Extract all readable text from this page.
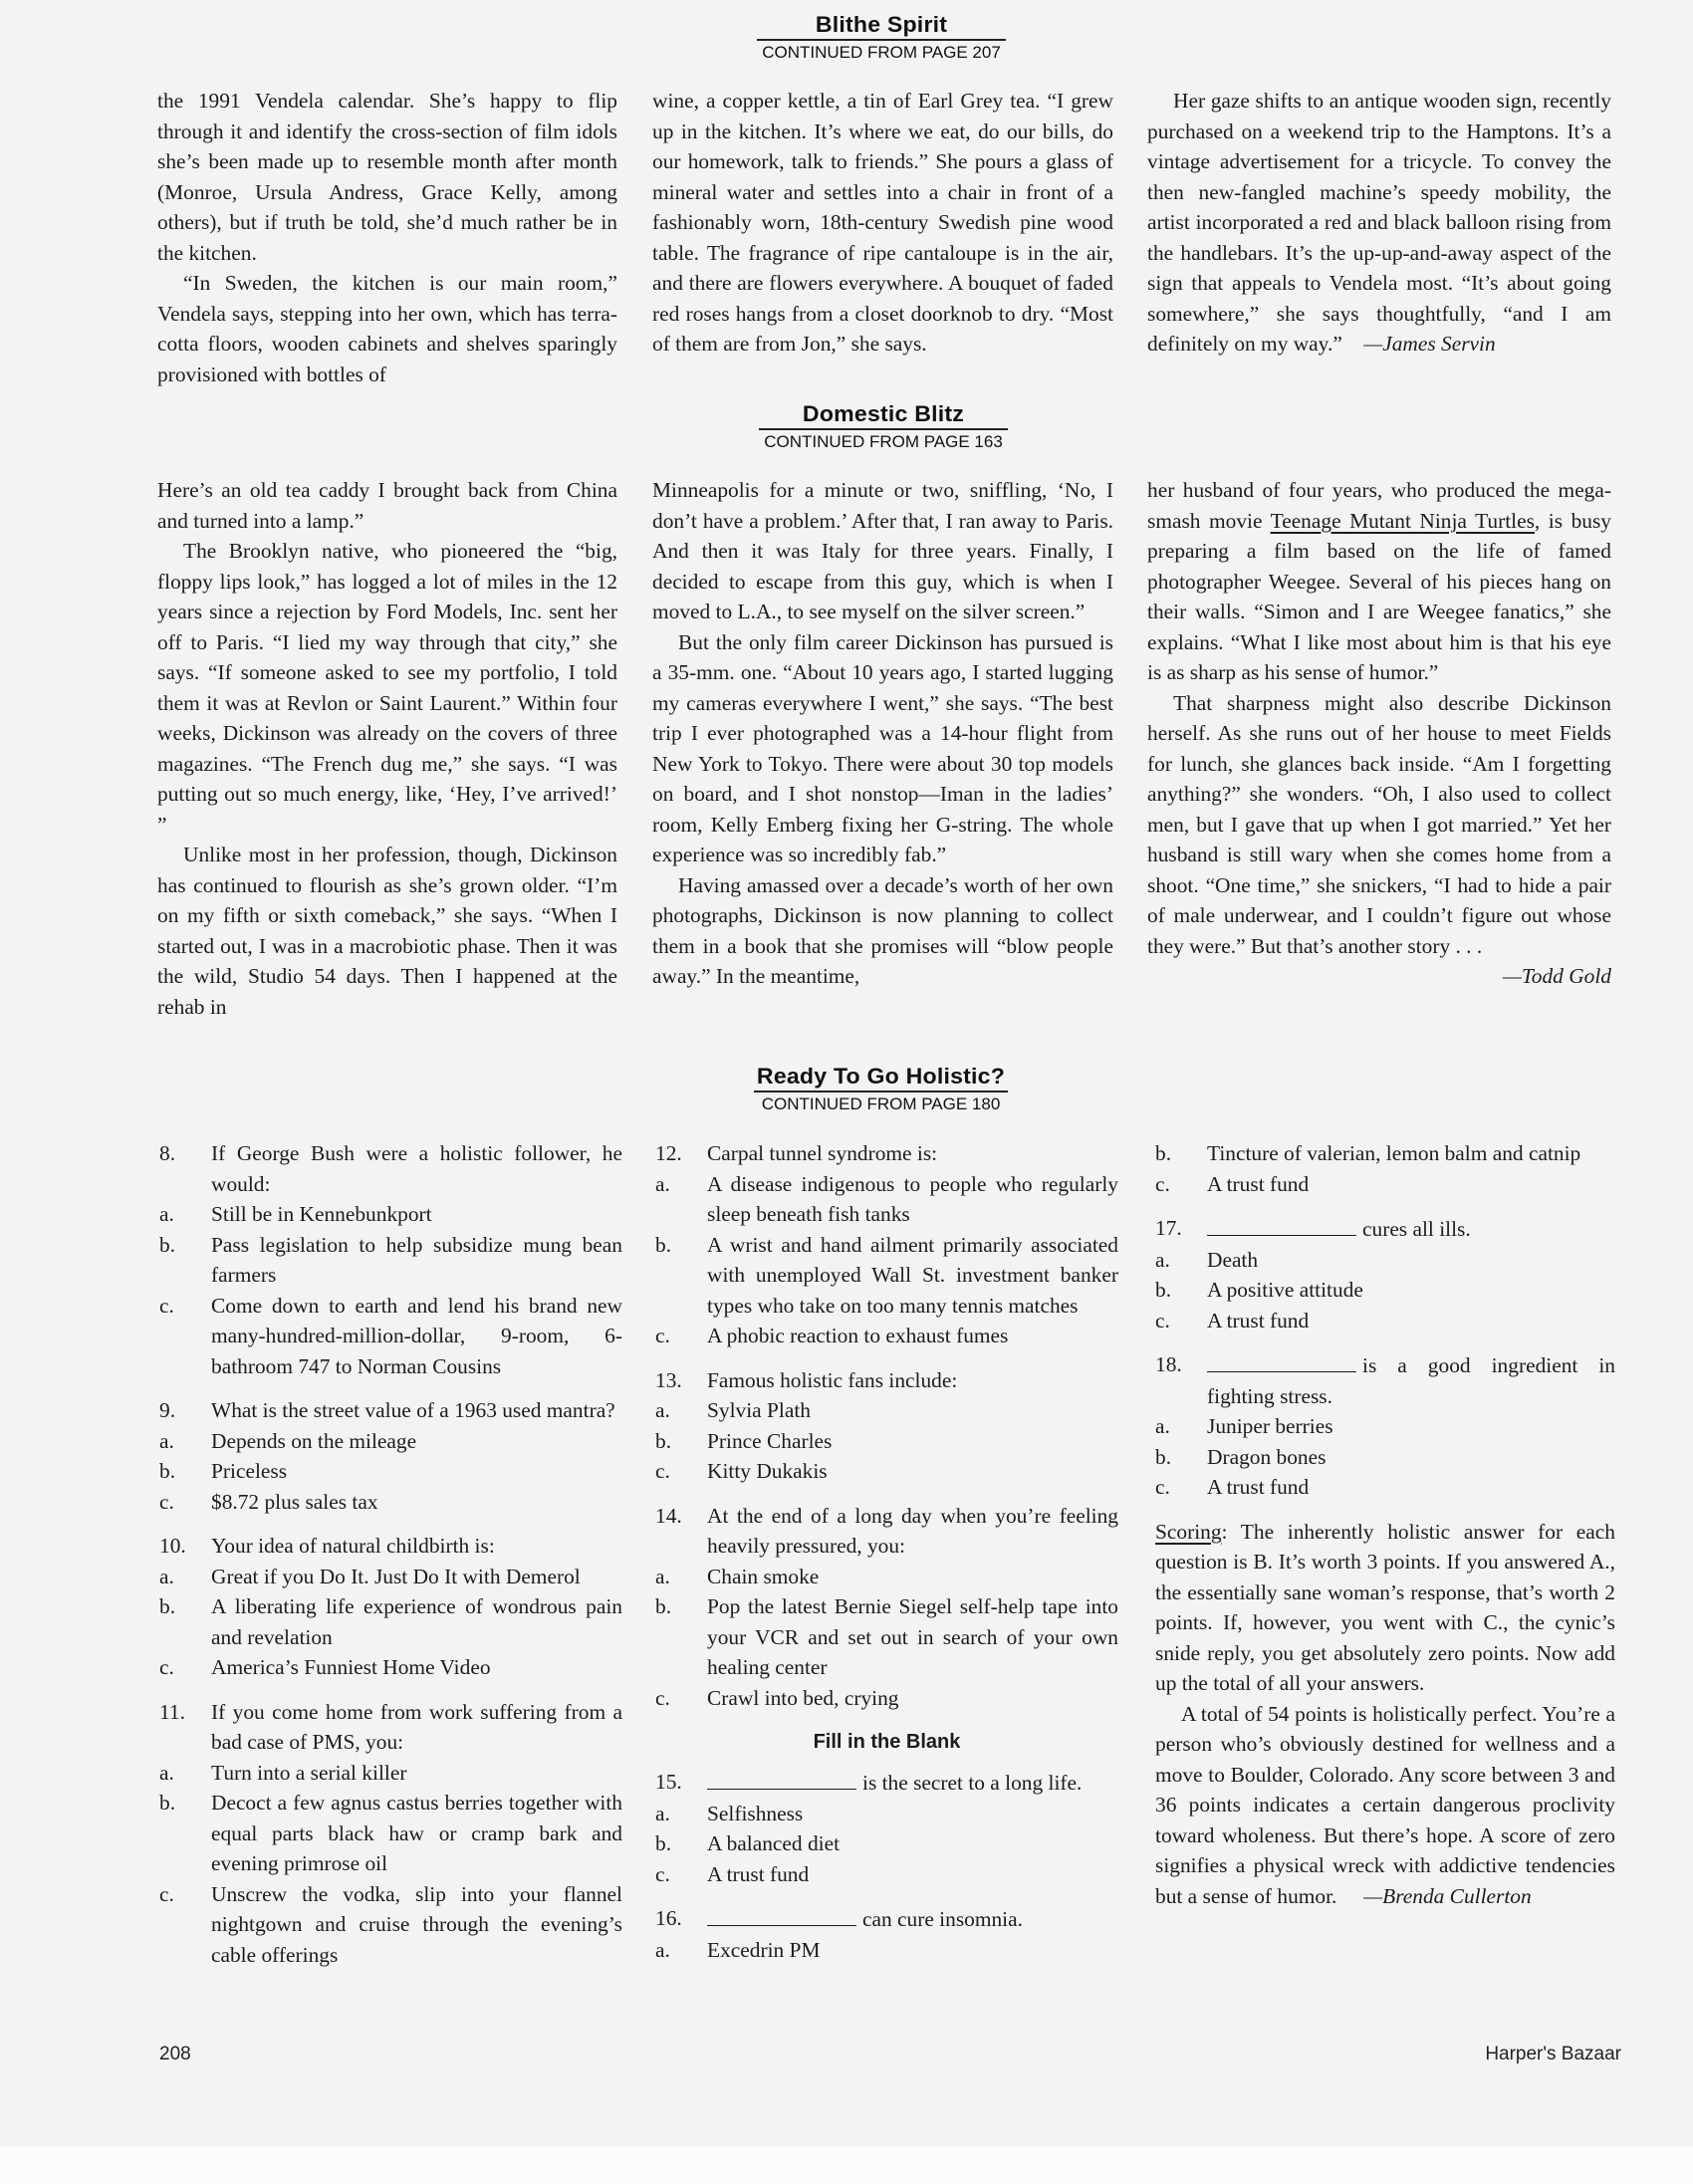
Blithe Spirit
CONTINUED FROM PAGE 207

the 1991 Vendela calendar. She’s happy to flip through it and identify the cross-section of film idols she’s been made up to resemble month after month (Monroe, Ursula Andress, Grace Kelly, among others), but if truth be told, she’d much rather be in the kitchen.

“In Sweden, the kitchen is our main room,” Vendela says, stepping into her own, which has terra-cotta floors, wooden cabinets and shelves sparingly provisioned with bottles of

wine, a copper kettle, a tin of Earl Grey tea. “I grew up in the kitchen. It’s where we eat, do our bills, do our homework, talk to friends.” She pours a glass of mineral water and settles into a chair in front of a fashionably worn, 18th-century Swedish pine wood table. The fragrance of ripe cantaloupe is in the air, and there are flowers everywhere. A bouquet of faded red roses hangs from a closet doorknob to dry. “Most of them are from Jon,” she says.

Her gaze shifts to an antique wooden sign, recently purchased on a weekend trip to the Hamptons. It’s a vintage advertisement for a tricycle. To convey the then new-fangled machine’s speedy mobility, the artist incorporated a red and black balloon rising from the handlebars. It’s the up-up-and-away aspect of the sign that appeals to Vendela most. “It’s about going somewhere,” she says thoughtfully, “and I am definitely on my way.” —James Servin

Domestic Blitz
CONTINUED FROM PAGE 163

Here’s an old tea caddy I brought back from China and turned into a lamp.”

The Brooklyn native, who pioneered the “big, floppy lips look,” has logged a lot of miles in the 12 years since a rejection by Ford Models, Inc. sent her off to Paris. “I lied my way through that city,” she says. “If someone asked to see my portfolio, I told them it was at Revlon or Saint Laurent.” Within four weeks, Dickinson was already on the covers of three magazines. “The French dug me,” she says. “I was putting out so much energy, like, ‘Hey, I’ve arrived!’ ”

Unlike most in her profession, though, Dickinson has continued to flourish as she’s grown older. “I’m on my fifth or sixth comeback,” she says. “When I started out, I was in a macrobiotic phase. Then it was the wild, Studio 54 days. Then I happened at the rehab in

Minneapolis for a minute or two, sniffling, ‘No, I don’t have a problem.’ After that, I ran away to Paris. And then it was Italy for three years. Finally, I decided to escape from this guy, which is when I moved to L.A., to see myself on the silver screen.”

But the only film career Dickinson has pursued is a 35-mm. one. “About 10 years ago, I started lugging my cameras everywhere I went,” she says. “The best trip I ever photographed was a 14-hour flight from New York to Tokyo. There were about 30 top models on board, and I shot nonstop—Iman in the ladies’ room, Kelly Emberg fixing her G-string. The whole experience was so incredibly fab.”

Having amassed over a decade’s worth of her own photographs, Dickinson is now planning to collect them in a book that she promises will “blow people away.” In the meantime,

her husband of four years, who produced the mega-smash movie Teenage Mutant Ninja Turtles, is busy preparing a film based on the life of famed photographer Weegee. Several of his pieces hang on their walls. “Simon and I are Weegee fanatics,” she explains. “What I like most about him is that his eye is as sharp as his sense of humor.”

That sharpness might also describe Dickinson herself. As she runs out of her house to meet Fields for lunch, she glances back inside. “Am I forgetting anything?” she wonders. “Oh, I also used to collect men, but I gave that up when I got married.” Yet her husband is still wary when she comes home from a shoot. “One time,” she snickers, “I had to hide a pair of male underwear, and I couldn’t figure out whose they were.” But that’s another story . . .

—Todd Gold

Ready To Go Holistic?
CONTINUED FROM PAGE 180
8.	If George Bush were a holistic follower, he would:
a.	Still be in Kennebunkport
b.	Pass legislation to help subsidize mung bean farmers
c.	Come down to earth and lend his brand new many-hundred-million-dollar, 9-room, 6-bathroom 747 to Norman Cousins
9.	What is the street value of a 1963 used mantra?
a.	Depends on the mileage
b.	Priceless
c.	$8.72 plus sales tax
10.	Your idea of natural childbirth is:
a.	Great if you Do It. Just Do It with Demerol
b.	A liberating life experience of wondrous pain and revelation
c.	America’s Funniest Home Video
11.	If you come home from work suffering from a bad case of PMS, you:
a.	Turn into a serial killer
b.	Decoct a few agnus castus berries together with equal parts black haw or cramp bark and evening primrose oil
c.	Unscrew the vodka, slip into your flannel nightgown and cruise through the evening’s cable offerings
12.	Carpal tunnel syndrome is:
a.	A disease indigenous to people who regularly sleep beneath fish tanks
b.	A wrist and hand ailment primarily associated with unemployed Wall St. investment banker types who take on too many tennis matches
c.	A phobic reaction to exhaust fumes
13.	Famous holistic fans include:
a.	Sylvia Plath
b.	Prince Charles
c.	Kitty Dukakis
14.	At the end of a long day when you’re feeling heavily pressured, you:
a.	Chain smoke
b.	Pop the latest Bernie Siegel self-help tape into your VCR and set out in search of your own healing center
c.	Crawl into bed, crying
Fill in the Blank
15.	is the secret to a long life.
a.	Selfishness
b.	A balanced diet
c.	A trust fund
16.	can cure insomnia.
a.	Excedrin PM
b.	Tincture of valerian, lemon balm and catnip
c.	A trust fund
17.	cures all ills.
a.	Death
b.	A positive attitude
c.	A trust fund
18.	is a good ingredient in fighting stress.
a.	Juniper berries
b.	Dragon bones
c.	A trust fund

Scoring: The inherently holistic answer for each question is B. It’s worth 3 points. If you answered A., the essentially sane woman’s response, that’s worth 2 points. If, however, you went with C., the cynic’s snide reply, you get absolutely zero points. Now add up the total of all your answers.

A total of 54 points is holistically perfect. You’re a person who’s obviously destined for wellness and a move to Boulder, Colorado. Any score between 3 and 36 points indicates a certain dangerous proclivity toward wholeness. But there’s hope. A score of zero signifies a physical wreck with addictive tendencies but a sense of humor. —Brenda Cullerton

208	Harper's Bazaar
